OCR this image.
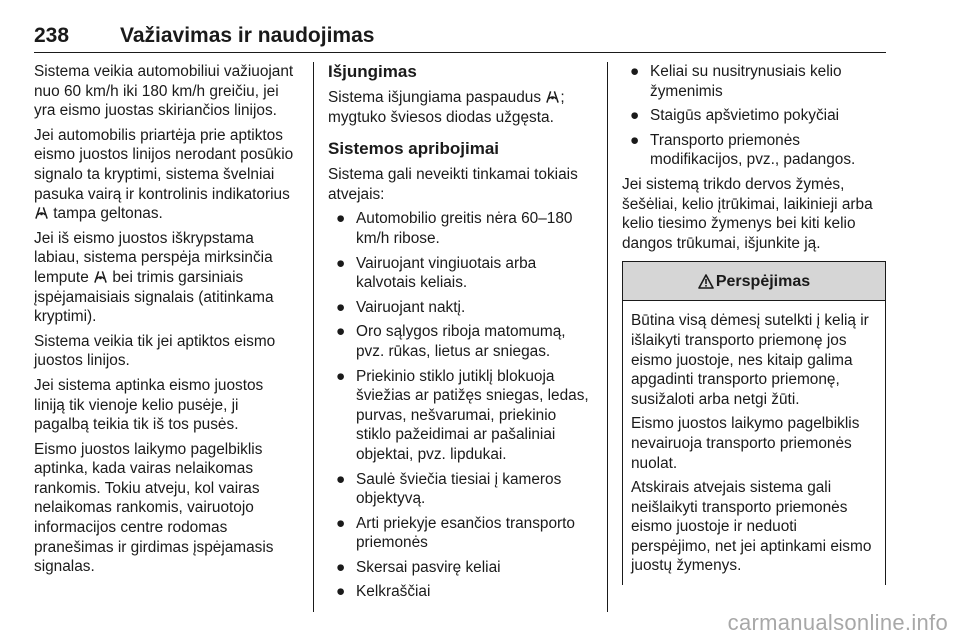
238 Važiavimas ir naudojimas

Sistema veikia automobiliui važiuojant nuo 60 km/h iki 180 km/h greičiu, jei yra eismo juostas skiriančios linijos.

Jei automobilis priartėja prie aptiktos eismo juostos linijos nerodant posūkio signalo ta kryptimi, sistema švelniai pasuka vairą ir kontrolinis indikatorius  tampa geltonas.

Jei iš eismo juostos iškrypstama labiau, sistema perspėja mirksinčia lempute  bei trimis garsiniais įspėjamaisiais signalais (atitinkama kryptimi).

Sistema veikia tik jei aptiktos eismo juostos linijos.

Jei sistema aptinka eismo juostos liniją tik vienoje kelio pusėje, ji pagalbą teikia tik iš tos pusės.

Eismo juostos laikymo pagelbiklis aptinka, kada vairas nelaikomas rankomis. Tokiu atveju, kol vairas nelaikomas rankomis, vairuotojo informacijos centre rodomas pranešimas ir girdimas įspėjamasis signalas.

Išjungimas

Sistema išjungiama paspaudus ; mygtuko šviesos diodas užgęsta.

Sistemos apribojimai

Sistema gali neveikti tinkamai tokiais atvejais:

● Automobilio greitis nėra 60–180 km/h ribose.
● Vairuojant vingiuotais arba kalvotais keliais.
● Vairuojant naktį.
● Oro sąlygos riboja matomumą, pvz. rūkas, lietus ar sniegas.
● Priekinio stiklo jutiklį blokuoja šviežias ar patižęs sniegas, ledas, purvas, nešvarumai, priekinio stiklo pažeidimai ar pašaliniai objektai, pvz. lipdukai.
● Saulė šviečia tiesiai į kameros objektyvą.
● Arti priekyje esančios transporto priemonės
● Skersai pasvirę keliai
● Kelkraščiai
● Keliai su nusitrynusiais kelio žymenimis
● Staigūs apšvietimo pokyčiai
● Transporto priemonės modifikacijos, pvz., padangos.

Jei sistemą trikdo dervos žymės, šešėliai, kelio įtrūkimai, laikinieji arba kelio tiesimo žymenys bei kiti kelio dangos trūkumai, išjunkite ją.

Perspėjimas

Būtina visą dėmesį sutelkti į kelią ir išlaikyti transporto priemonę jos eismo juostoje, nes kitaip galima apgadinti transporto priemonę, susižaloti arba netgi žūti.

Eismo juostos laikymo pagelbiklis nevairuoja transporto priemonės nuolat.

Atskirais atvejais sistema gali neišlaikyti transporto priemonės eismo juostoje ir neduoti perspėjimo, net jei aptinkami eismo juostų žymenys.

carmanualsonline.info
